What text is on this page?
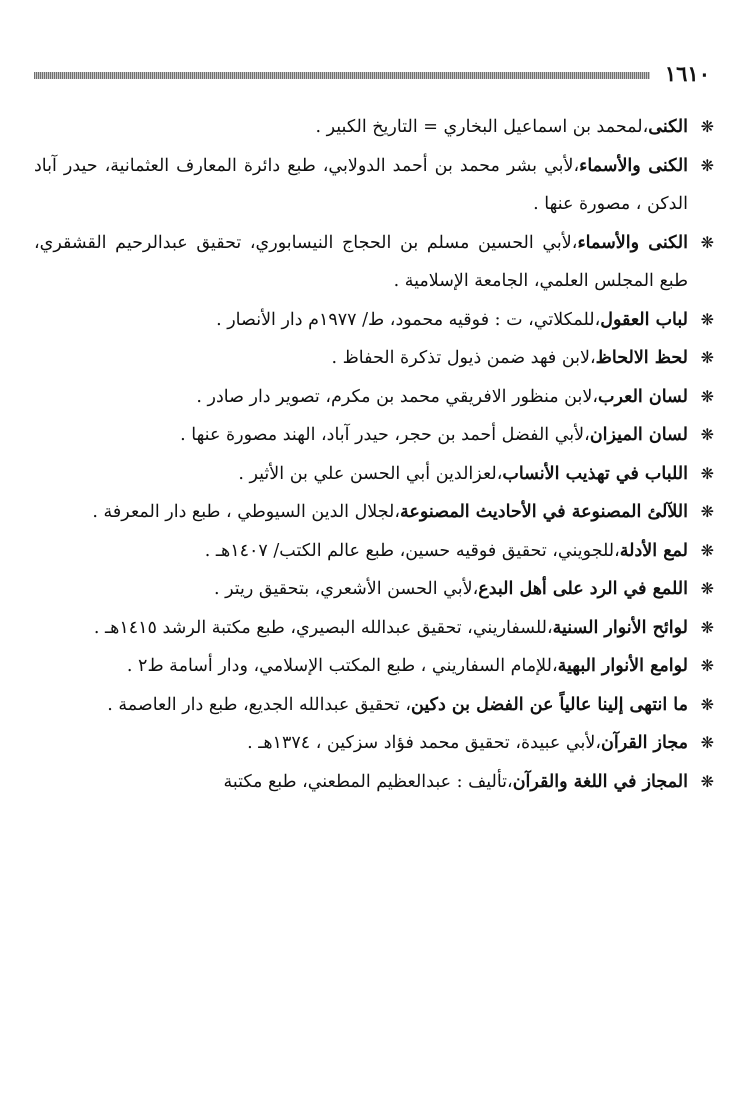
١٦١٠

❋
الكنى،لمحمد بن اسماعيل البخاري = التاريخ الكبير .

❋
الكنى والأسماء،لأبي بشر محمد بن أحمد الدولابي، طبع دائرة المعارف العثمانية، حيدر آباد الدكن ، مصورة عنها .

❋
الكنى والأسماء،لأبي الحسين مسلم بن الحجاج النيسابوري، تحقيق عبدالرحيم القشقري، طبع المجلس العلمي، الجامعة الإسلامية .

❋
لباب العقول،للمكلاتي، ت : فوقيه محمود، ط/ ١٩٧٧م دار الأنصار .

❋
لحظ الالحاظ،لابن فهد ضمن ذيول تذكرة الحفاظ .

❋
لسان العرب،لابن منظور الافريقي محمد بن مكرم، تصوير دار صادر .

❋
لسان الميزان،لأبي الفضل أحمد بن حجر، حيدر آباد، الهند مصورة عنها .

❋
اللباب في تهذيب الأنساب،لعزالدين أبي الحسن علي بن الأثير .

❋
اللآلئ المصنوعة في الأحاديث المصنوعة،لجلال الدين السيوطي ، طبع دار المعرفة .

❋
لمع الأدلة،للجويني، تحقيق فوقيه حسين، طبع عالم الكتب/ ١٤٠٧هـ .

❋
اللمع في الرد على أهل البدع،لأبي الحسن الأشعري، بتحقيق ريتر .

❋
لوائح الأنوار السنية،للسفاريني، تحقيق عبدالله البصيري، طبع مكتبة الرشد ١٤١٥هـ .

❋
لوامع الأنوار البهية،للإمام السفاريني ، طبع المكتب الإسلامي، ودار أسامة ط٢ .

❋
ما انتهى إلينا عالياً عن الفضل بن دكين، تحقيق عبدالله الجديع، طبع دار العاصمة .

❋
مجاز القرآن،لأبي عبيدة، تحقيق محمد فؤاد سزكين ، ١٣٧٤هـ .

❋
المجاز في اللغة والقرآن،تأليف : عبدالعظيم المطعني، طبع مكتبة
